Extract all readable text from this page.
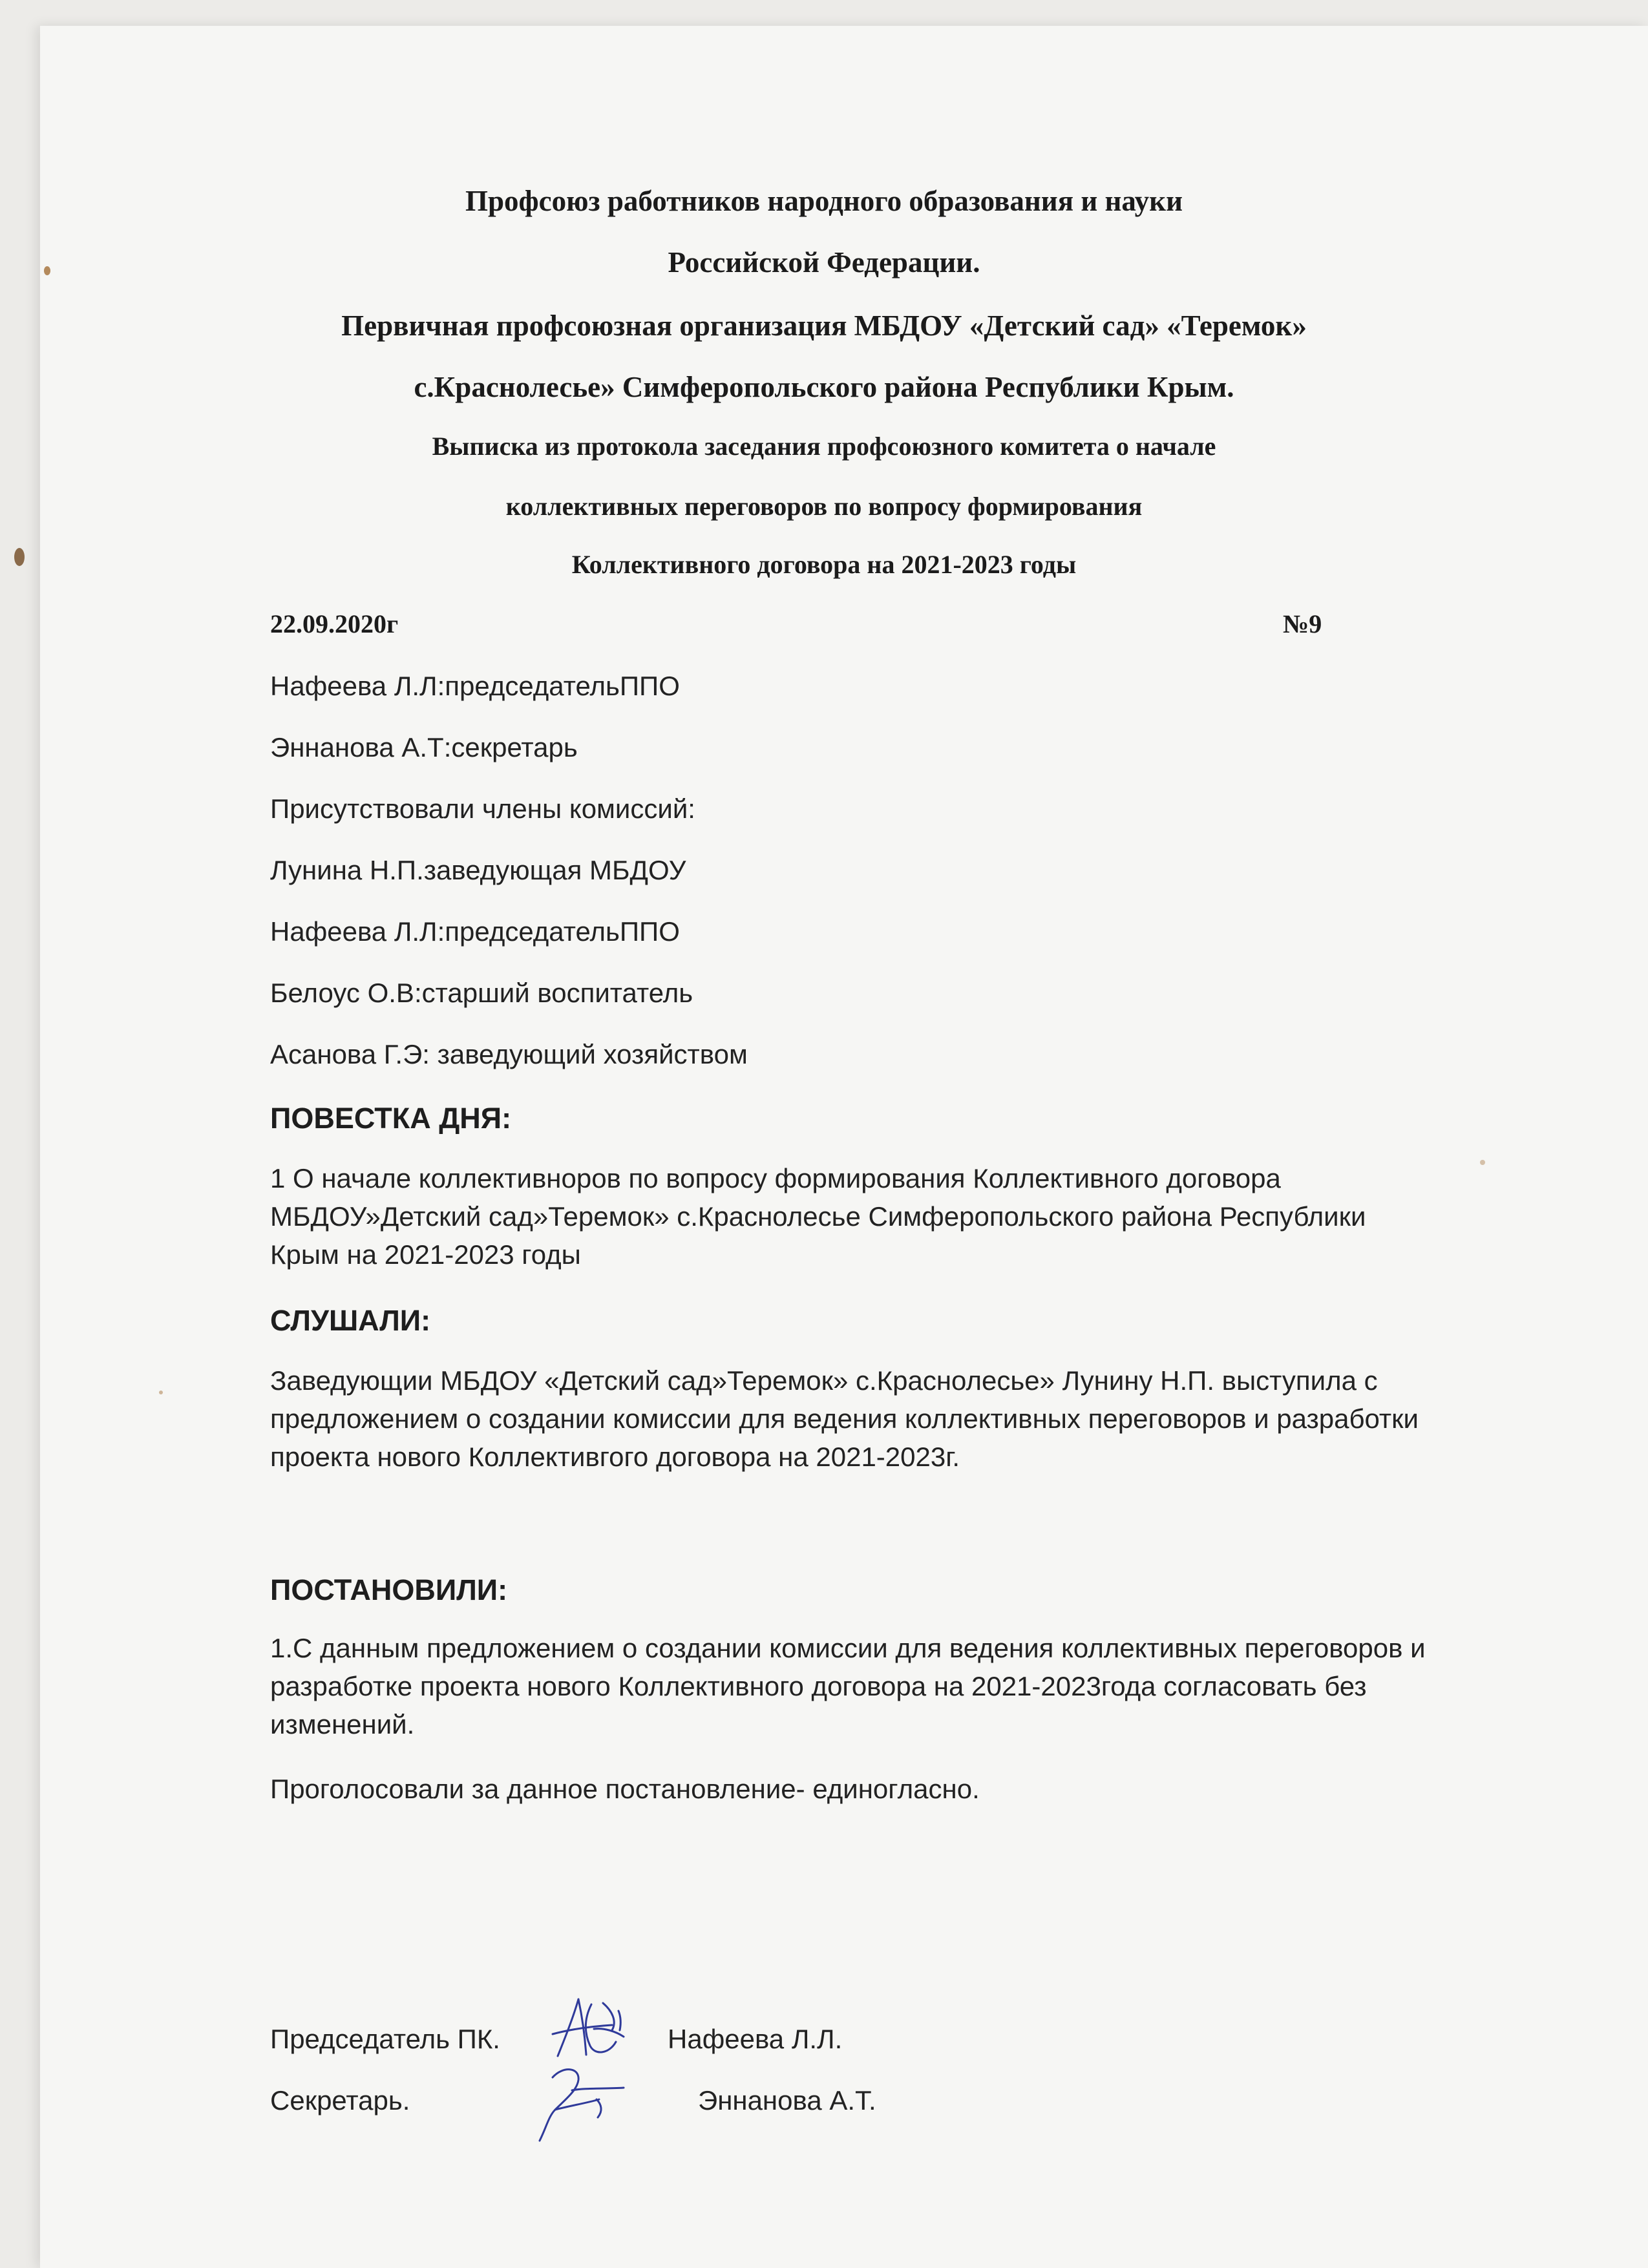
Профсоюз работников народного образования и науки
Российской Федерации.
Первичная профсоюзная организация МБДОУ «Детский сад» «Теремок»
с.Краснолесье» Симферопольского района Республики Крым.
Выписка из протокола заседания профсоюзного комитета о начале
коллективных переговоров по вопросу формирования
Коллективного договора на 2021-2023 годы
22.09.2020г	№9
Нафеева Л.Л:председательППО
Эннанова А.Т:секретарь
Присутствовали члены комиссий:
Лунина Н.П.заведующая МБДОУ
Нафеева Л.Л:председательППО
Белоус О.В:старший воспитатель
Асанова Г.Э: заведующий хозяйством
ПОВЕСТКА ДНЯ:
1 О начале коллективноров по вопросу формирования Коллективного договора
МБДОУ»Детский сад»Теремок» с.Краснолесье Симферопольского района Республики
Крым на 2021-2023 годы
СЛУШАЛИ:
Заведующии МБДОУ «Детский сад»Теремок» с.Краснолесье» Лунину Н.П. выступила с
предложением о создании комиссии для ведения коллективных переговоров и разработки
проекта нового Коллективгого договора на 2021-2023г.
ПОСТАНОВИЛИ:
1.С данным предложением о создании комиссии для ведения коллективных переговоров и
разработке проекта нового Коллективного договора на 2021-2023года согласовать без
изменений.
Проголосовали за данное постановление- единогласно.
Председатель ПК.	Нафеева Л.Л.
Секретарь.	Эннанова А.Т.
